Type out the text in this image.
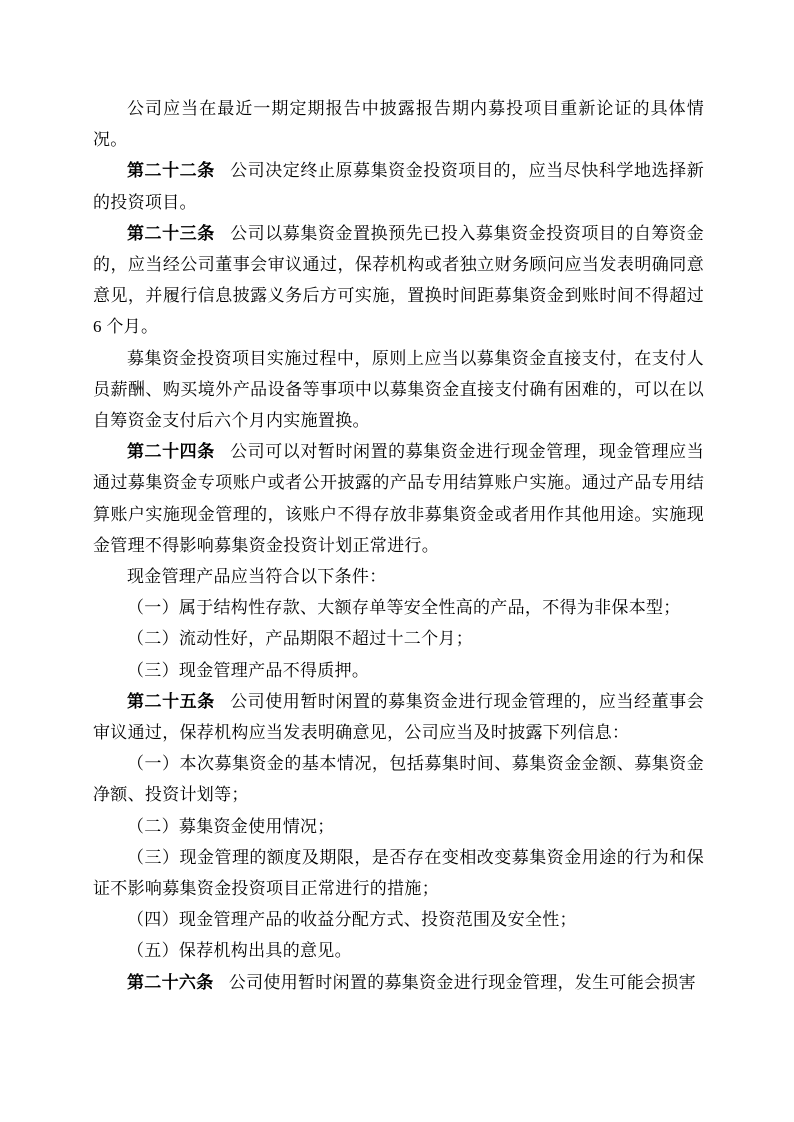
公司应当在最近一期定期报告中披露报告期内募投项目重新论证的具体情况。

第二十二条 公司决定终止原募集资金投资项目的，应当尽快科学地选择新的投资项目。

第二十三条 公司以募集资金置换预先已投入募集资金投资项目的自筹资金的，应当经公司董事会审议通过，保荐机构或者独立财务顾问应当发表明确同意意见，并履行信息披露义务后方可实施，置换时间距募集资金到账时间不得超过 6 个月。

募集资金投资项目实施过程中，原则上应当以募集资金直接支付，在支付人员薪酬、购买境外产品设备等事项中以募集资金直接支付确有困难的，可以在以自筹资金支付后六个月内实施置换。

第二十四条 公司可以对暂时闲置的募集资金进行现金管理，现金管理应当通过募集资金专项账户或者公开披露的产品专用结算账户实施。通过产品专用结算账户实施现金管理的，该账户不得存放非募集资金或者用作其他用途。实施现金管理不得影响募集资金投资计划正常进行。

现金管理产品应当符合以下条件：

（一）属于结构性存款、大额存单等安全性高的产品，不得为非保本型；

（二）流动性好，产品期限不超过十二个月；

（三）现金管理产品不得质押。

第二十五条 公司使用暂时闲置的募集资金进行现金管理的，应当经董事会审议通过，保荐机构应当发表明确意见，公司应当及时披露下列信息：

（一）本次募集资金的基本情况，包括募集时间、募集资金金额、募集资金净额、投资计划等；

（二）募集资金使用情况；

（三）现金管理的额度及期限，是否存在变相改变募集资金用途的行为和保证不影响募集资金投资项目正常进行的措施；

（四）现金管理产品的收益分配方式、投资范围及安全性；

（五）保荐机构出具的意见。

第二十六条 公司使用暂时闲置的募集资金进行现金管理，发生可能会损害
